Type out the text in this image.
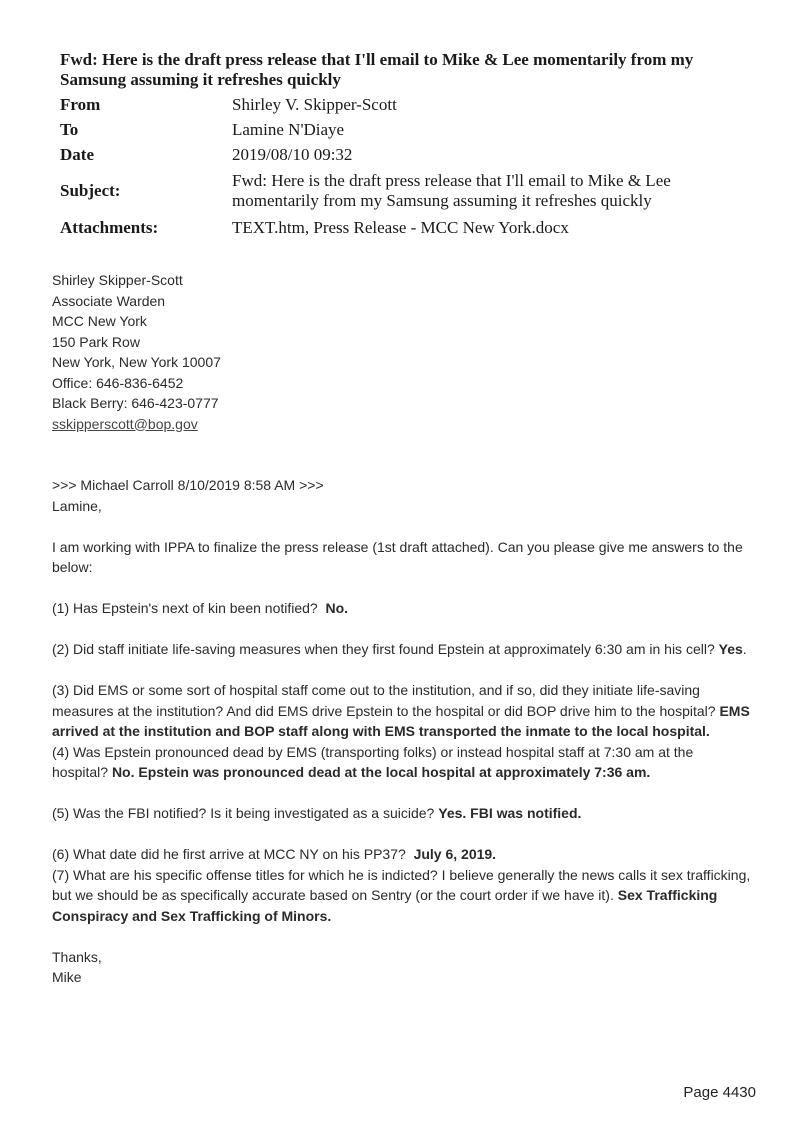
Fwd: Here is the draft press release that I'll email to Mike & Lee momentarily from my Samsung assuming it refreshes quickly

From	Shirley V. Skipper-Scott
To	Lamine N'Diaye
Date	2019/08/10 09:32
Subject:	Fwd: Here is the draft press release that I'll email to Mike & Lee
momentarily from my Samsung assuming it refreshes quickly

Attachments:	TEXT.htm, Press Release - MCC New York.docx
Shirley Skipper-Scott
Associate Warden
MCC New York
150 Park Row
New York, New York 10007
Office: 646-836-6452
Black Berry: 646-423-0777
sskipperscott@bop.gov
>>> Michael Carroll 8/10/2019 8:58 AM >>>
Lamine,
I am working with IPPA to finalize the press release (1st draft attached). Can you please give me answers to the below:
(1) Has Epstein's next of kin been notified? No.
(2) Did staff initiate life-saving measures when they first found Epstein at approximately 6:30 am in his cell? Yes.
(3) Did EMS or some sort of hospital staff come out to the institution, and if so, did they initiate life-saving measures at the institution? And did EMS drive Epstein to the hospital or did BOP drive him to the hospital? EMS arrived at the institution and BOP staff along with EMS transported the inmate to the local hospital.
(4) Was Epstein pronounced dead by EMS (transporting folks) or instead hospital staff at 7:30 am at the hospital? No. Epstein was pronounced dead at the local hospital at approximately 7:36 am.
(5) Was the FBI notified? Is it being investigated as a suicide? Yes. FBI was notified.
(6) What date did he first arrive at MCC NY on his PP37? July 6, 2019.
(7) What are his specific offense titles for which he is indicted? I believe generally the news calls it sex trafficking, but we should be as specifically accurate based on Sentry (or the court order if we have it). Sex Trafficking Conspiracy and Sex Trafficking of Minors.
Thanks,
Mike
Page 4430
